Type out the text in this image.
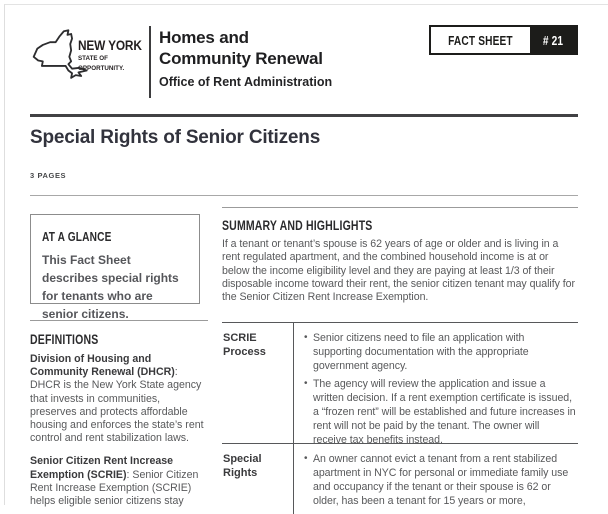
NEW YORK
STATE OF
OPPORTUNITY.
Homes and
Community Renewal
Office of Rent Administration
FACT SHEET # 21
Special Rights of Senior Citizens
3 PAGES
AT A GLANCE

This Fact Sheet describes special rights for tenants who are senior citizens.

DEFINITIONS

Division of Housing and Community Renewal (DHCR): DHCR is the New York State agency that invests in communities, preserves and protects affordable housing and enforces the state’s rent control and rent stabilization laws.

Senior Citizen Rent Increase Exemption (SCRIE): Senior Citizen Rent Increase Exemption (SCRIE) helps eligible senior citizens stay

SUMMARY AND HIGHLIGHTS

If a tenant or tenant’s spouse is 62 years of age or older and is living in a rent regulated apartment, and the combined household income is at or below the income eligibility level and they are paying at least 1/3 of their disposable income toward their rent, the senior citizen tenant may qualify for the Senior Citizen Rent Increase Exemption.

SCRIE Process
• Senior citizens need to file an application with supporting documentation with the appropriate government agency.
• The agency will review the application and issue a written decision. If a rent exemption certificate is issued, a “frozen rent” will be established and future increases in rent will not be paid by the tenant. The owner will receive tax benefits instead.
Special Rights
• An owner cannot evict a tenant from a rent stabilized apartment in NYC for personal or immediate family use and occupancy if the tenant or their spouse is 62 or older, has been a tenant for 15 years or more,
